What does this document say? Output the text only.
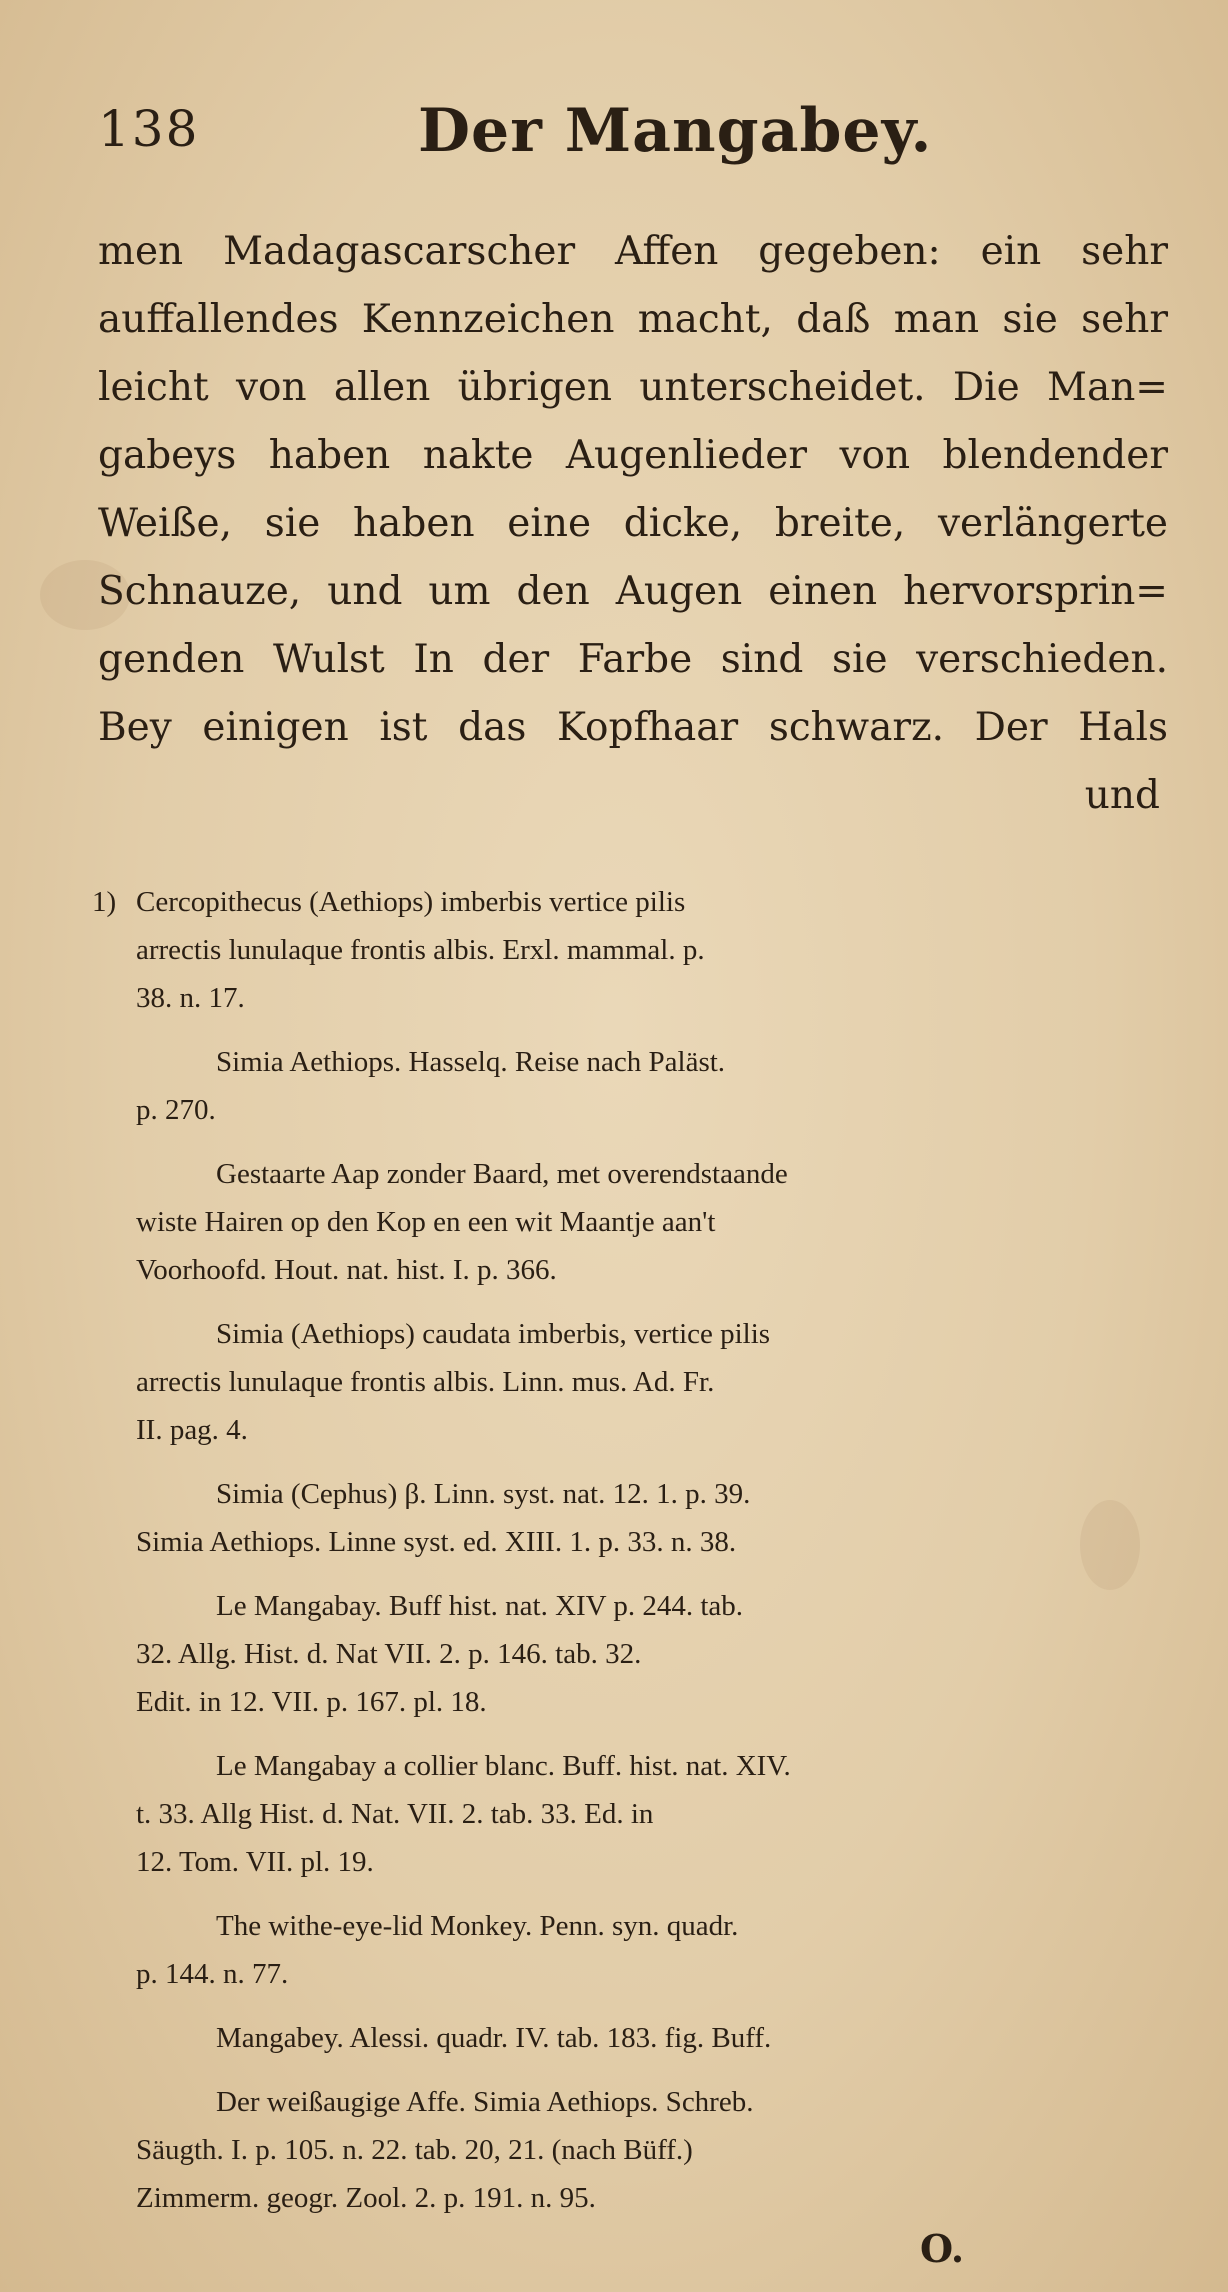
138	Der Mangabey.
men Madagascarscher Affen gegeben: ein sehr
auffallendes Kennzeichen macht, daß man sie sehr
leicht von allen übrigen unterscheidet. Die Man=
gabeys haben nakte Augenlieder von blendender
Weiße, sie haben eine dicke, breite, verlängerte
Schnauze, und um den Augen einen hervorsprin=
genden Wulst In der Farbe sind sie verschieden.
Bey einigen ist das Kopfhaar schwarz. Der Hals
und
1) Cercopithecus (Aethiops) imberbis vertice pilis
arrectis lunulaque frontis albis. Erxl. mammal. p.
38. n. 17.
Simia Aethiops. Hasselq. Reise nach Paläst.
p. 270.
Gestaarte Aap zonder Baard, met overendstaande
wiste Hairen op den Kop en een wit Maantje aan't
Voorhoofd. Hout. nat. hist. I. p. 366.
Simia (Aethiops) caudata imberbis, vertice pilis
arrectis lunulaque frontis albis. Linn. mus. Ad. Fr.
II. pag. 4.
Simia (Cephus) β. Linn. syst. nat. 12. 1. p. 39.
Simia Aethiops. Linne syst. ed. XIII. 1. p. 33. n. 38.
Le Mangabay. Buff hist. nat. XIV p. 244. tab.
32. Allg. Hist. d. Nat VII. 2. p. 146. tab. 32.
Edit. in 12. VII. p. 167. pl. 18.
Le Mangabay a collier blanc. Buff. hist. nat. XIV.
t. 33. Allg Hist. d. Nat. VII. 2. tab. 33. Ed. in
12. Tom. VII. pl. 19.
The withe-eye-lid Monkey. Penn. syn. quadr.
p. 144. n. 77.
Mangabey. Alessi. quadr. IV. tab. 183. fig. Buff.
Der weißaugige Affe. Simia Aethiops. Schreb.
Säugth. I. p. 105. n. 22. tab. 20, 21. (nach Büff.)
Zimmerm. geogr. Zool. 2. p. 191. n. 95.
O.
